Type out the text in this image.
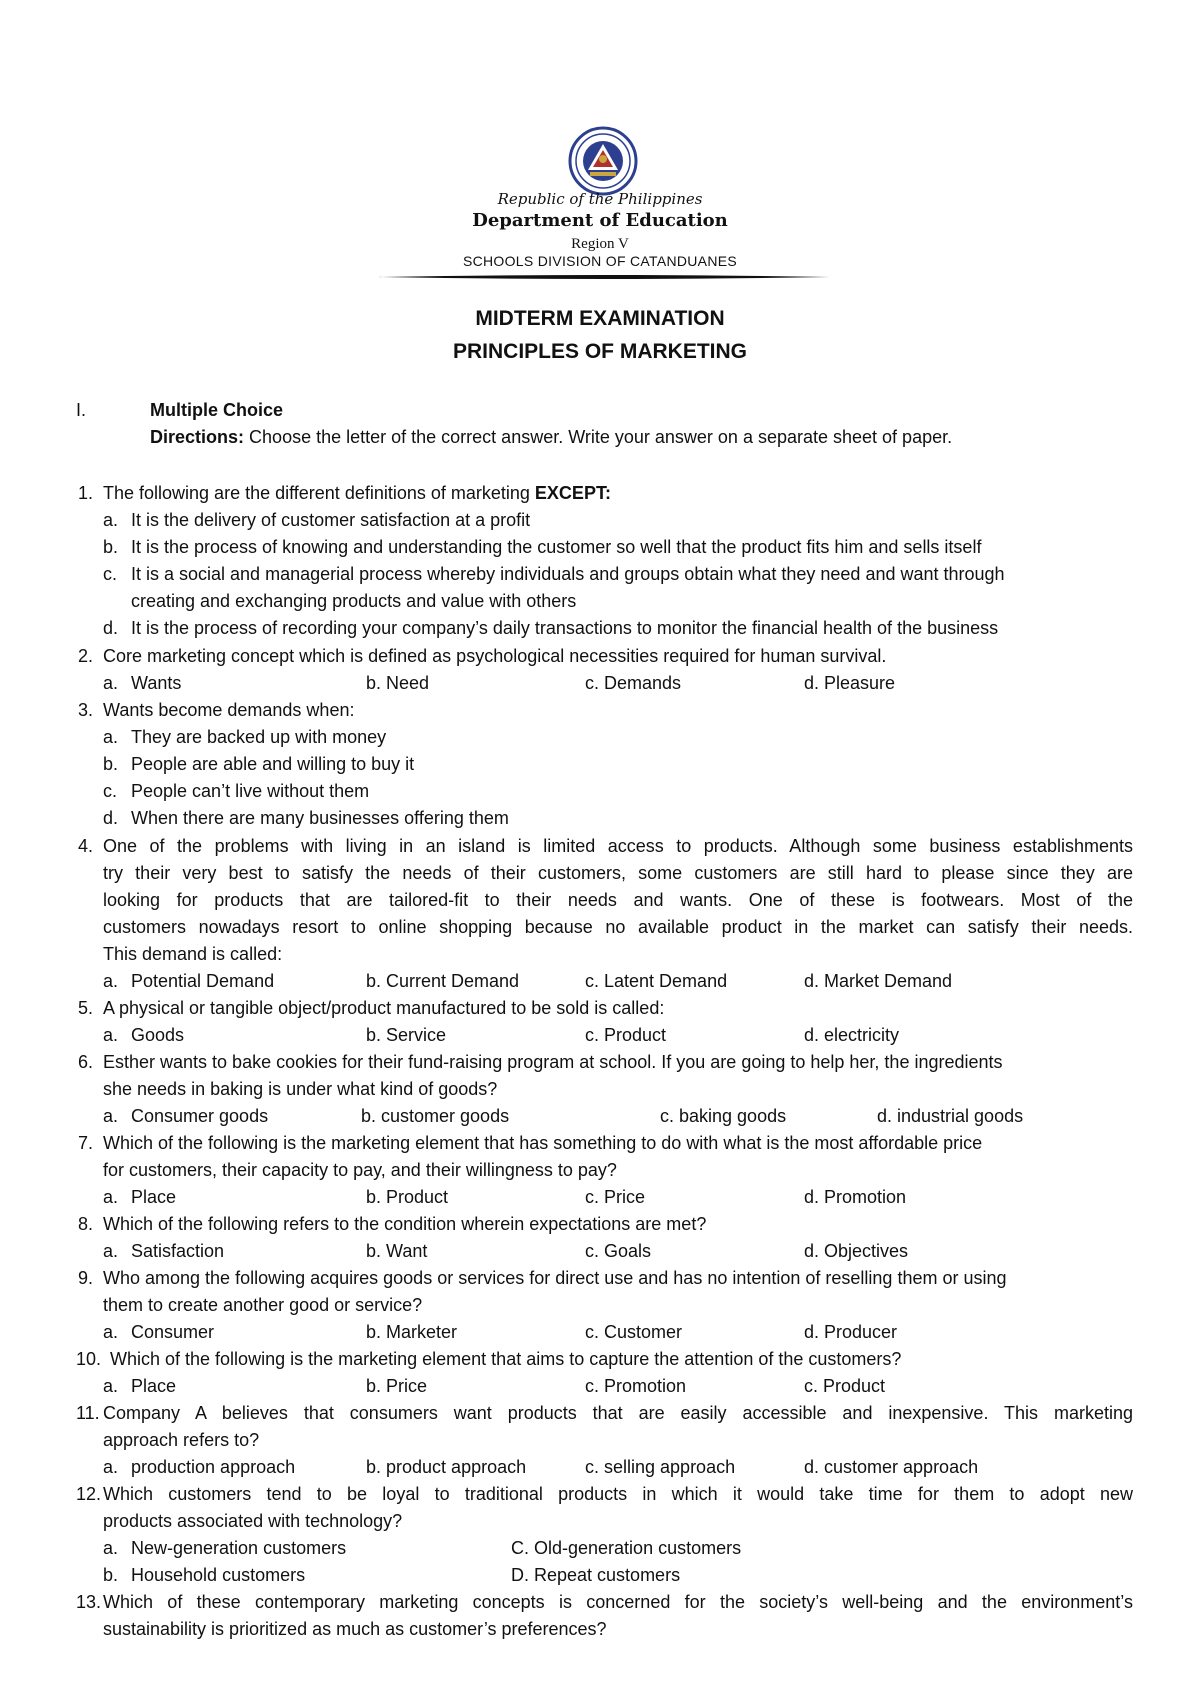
Republic of the Philippines
Department of Education
Region V
SCHOOLS DIVISION OF CATANDUANES
MIDTERM EXAMINATION
PRINCIPLES OF MARKETING
I.	Multiple Choice
Directions: Choose the letter of the correct answer. Write your answer on a separate sheet of paper.
1. The following are the different definitions of marketing EXCEPT:
a. It is the delivery of customer satisfaction at a profit
b. It is the process of knowing and understanding the customer so well that the product fits him and sells itself
c. It is a social and managerial process whereby individuals and groups obtain what they need and want through
creating and exchanging products and value with others
d. It is the process of recording your company’s daily transactions to monitor the financial health of the business
2. Core marketing concept which is defined as psychological necessities required for human survival.
a. Wants	b. Need	c. Demands	d. Pleasure
3. Wants become demands when:
a. They are backed up with money
b. People are able and willing to buy it
c. People can’t live without them
d. When there are many businesses offering them
4. One of the problems with living in an island is limited access to products. Although some business establishments
try their very best to satisfy the needs of their customers, some customers are still hard to please since they are
looking for products that are tailored-fit to their needs and wants. One of these is footwears. Most of the
customers nowadays resort to online shopping because no available product in the market can satisfy their needs.
This demand is called:
a. Potential Demand	b. Current Demand	c. Latent Demand	d. Market Demand
5. A physical or tangible object/product manufactured to be sold is called:
a. Goods	b. Service	c. Product	d. electricity
6. Esther wants to bake cookies for their fund-raising program at school. If you are going to help her, the ingredients
she needs in baking is under what kind of goods?
a. Consumer goods	b. customer goods	c. baking goods	d. industrial goods
7. Which of the following is the marketing element that has something to do with what is the most affordable price
for customers, their capacity to pay, and their willingness to pay?
a. Place	b. Product	c. Price	d. Promotion
8. Which of the following refers to the condition wherein expectations are met?
a. Satisfaction	b. Want	c. Goals	d. Objectives
9. Who among the following acquires goods or services for direct use and has no intention of reselling them or using
them to create another good or service?
a. Consumer	b. Marketer	c. Customer	d. Producer
10. Which of the following is the marketing element that aims to capture the attention of the customers?
a. Place	b. Price	c. Promotion	c. Product
11. Company A believes that consumers want products that are easily accessible and inexpensive. This marketing
approach refers to?
a. production approach	b. product approach	c. selling approach	d. customer approach
12. Which customers tend to be loyal to traditional products in which it would take time for them to adopt new
products associated with technology?
a. New-generation customers	C. Old-generation customers
b. Household customers	D. Repeat customers
13. Which of these contemporary marketing concepts is concerned for the society’s well-being and the environment’s
sustainability is prioritized as much as customer’s preferences?
